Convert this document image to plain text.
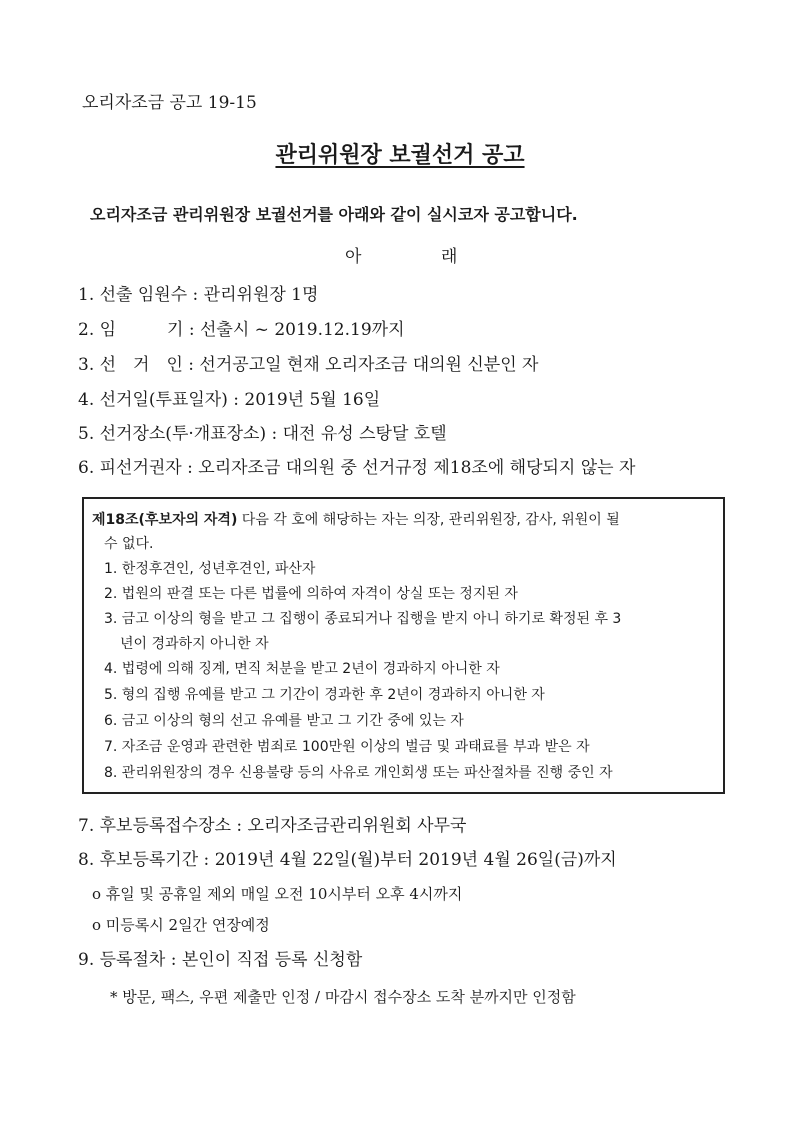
오리자조금 공고 19-15
관리위원장 보궐선거 공고
오리자조금 관리위원장 보궐선거를 아래와 같이 실시코자 공고합니다.
아	래
1. 선출 임원수 : 관리위원장 1명
2. 임　　　기 : 선출시 ~ 2019.12.19까지
3. 선　거　인 : 선거공고일 현재 오리자조금 대의원 신분인 자
4. 선거일(투표일자) : 2019년 5월 16일
5. 선거장소(투·개표장소) : 대전 유성 스탕달 호텔
6. 피선거권자 : 오리자조금 대의원 중 선거규정 제18조에 해당되지 않는 자
제18조(후보자의 자격) 다음 각 호에 해당하는 자는 의장, 관리위원장, 감사, 위원이 될
수 없다.
1. 한정후견인, 성년후견인, 파산자
2. 법원의 판결 또는 다른 법률에 의하여 자격이 상실 또는 정지된 자
3. 금고 이상의 형을 받고 그 집행이 종료되거나 집행을 받지 아니 하기로 확정된 후 3
년이 경과하지 아니한 자
4. 법령에 의해 징계, 면직 처분을 받고 2년이 경과하지 아니한 자
5. 형의 집행 유예를 받고 그 기간이 경과한 후 2년이 경과하지 아니한 자
6. 금고 이상의 형의 선고 유예를 받고 그 기간 중에 있는 자
7. 자조금 운영과 관련한 범죄로 100만원 이상의 벌금 및 과태료를 부과 받은 자
8. 관리위원장의 경우 신용불량 등의 사유로 개인회생 또는 파산절차를 진행 중인 자
7. 후보등록접수장소 : 오리자조금관리위원회 사무국
8. 후보등록기간 : 2019년 4월 22일(월)부터 2019년 4월 26일(금)까지
o 휴일 및 공휴일 제외 매일 오전 10시부터 오후 4시까지
o 미등록시 2일간 연장예정
9. 등록절차 : 본인이 직접 등록 신청함
* 방문, 팩스, 우편 제출만 인정 / 마감시 접수장소 도착 분까지만 인정함
